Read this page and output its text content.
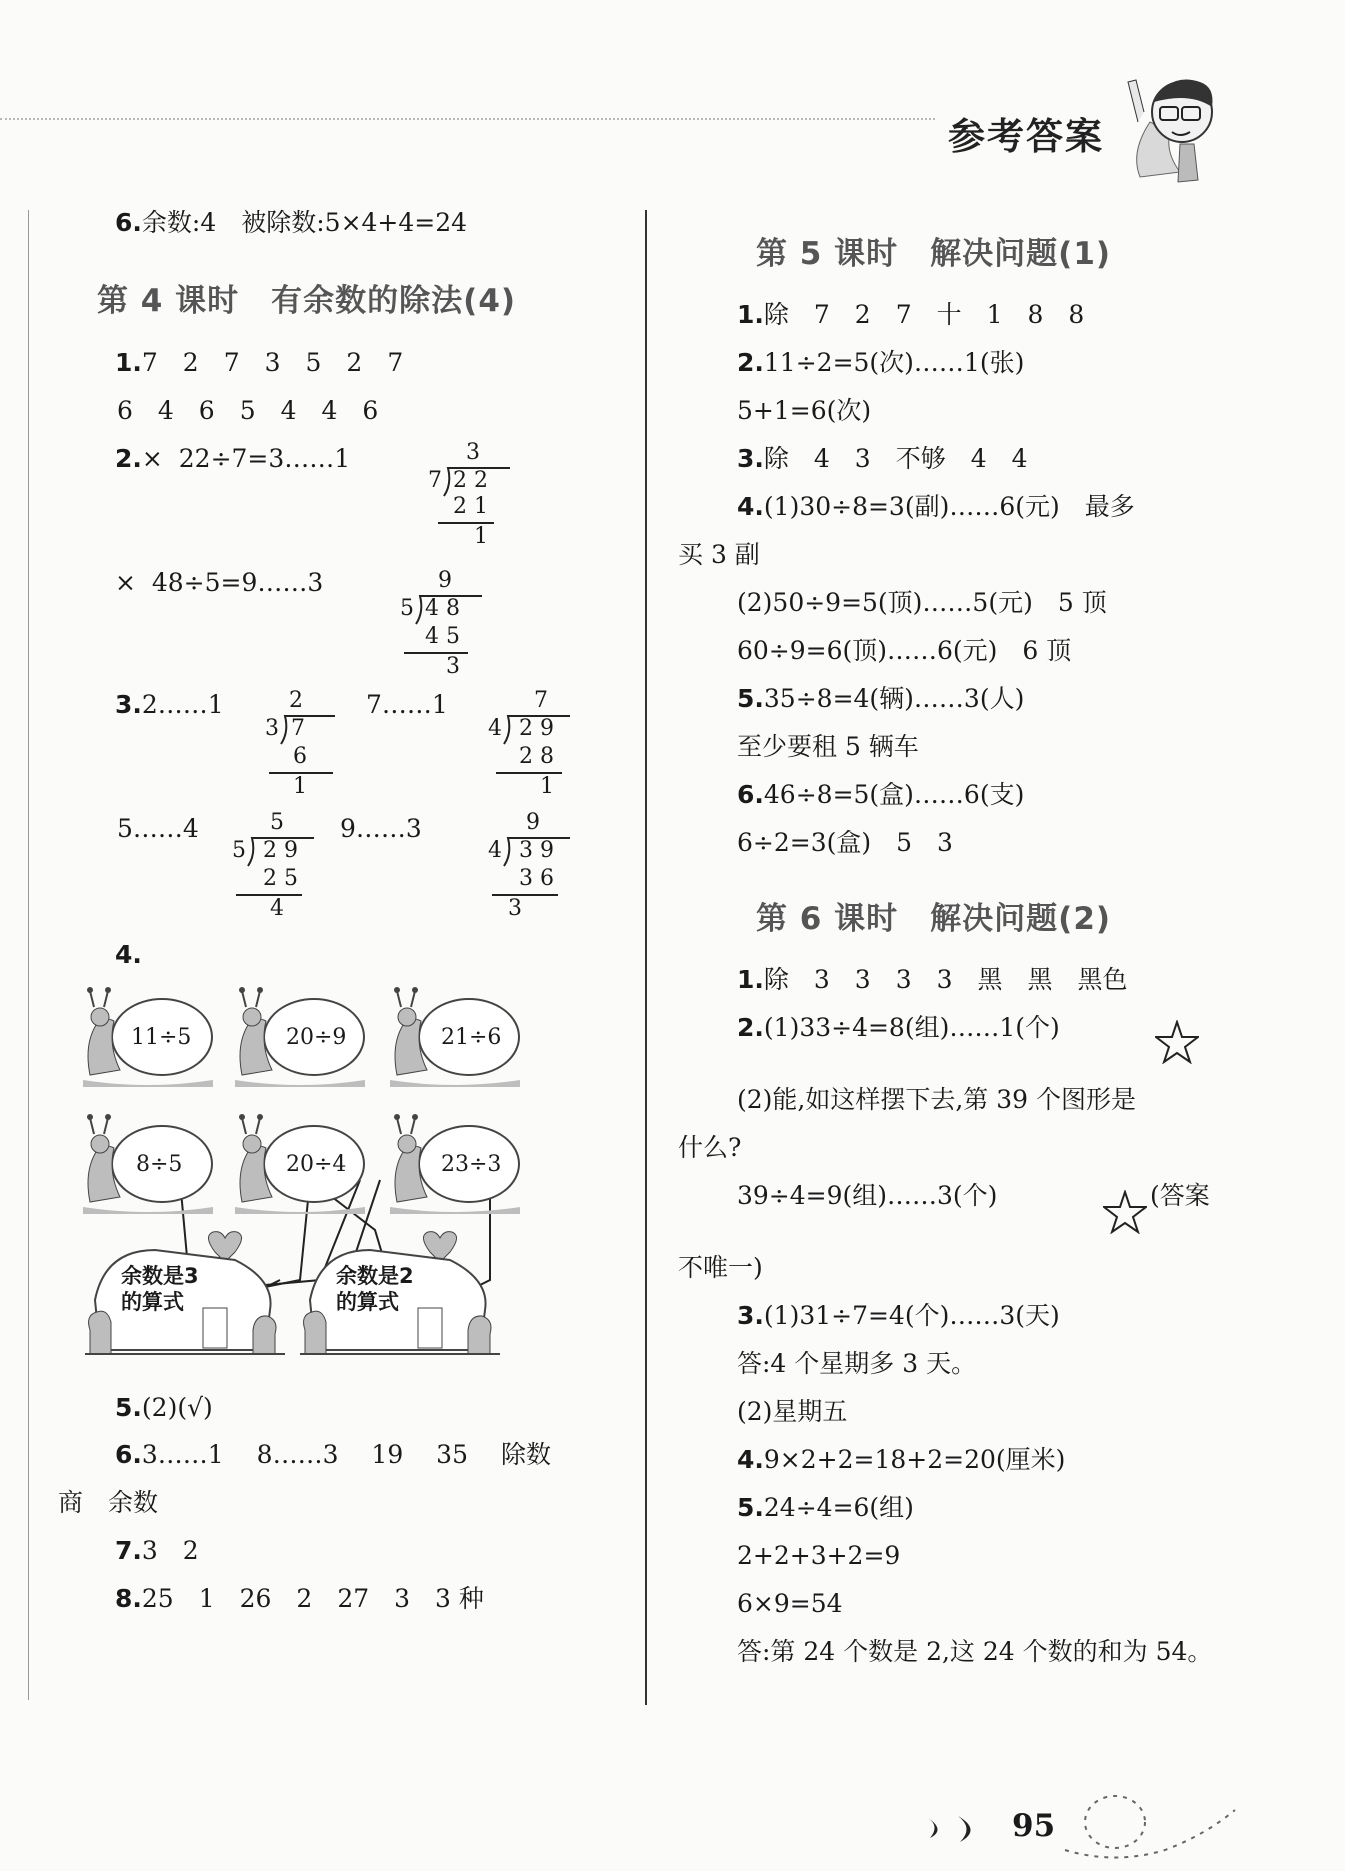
参考答案
6.余数:4　被除数:5×4+4=24
第 4 课时　有余数的除法(4)
1.7　2　7　3　5　2　7
6　4　6　5　4　4　6
2.× 22÷7=3……1	3
7 2 2
2 1
1
× 48÷5=9……3	9
5 4 8
4 5
3
3.2……1	2
3 7
6
1
7……1	7
4 2 9
2 8
1
5……4	5
5 2 9
2 5
4
9……3	9
4 3 9
3 6
3
4.
11÷5	20÷9	21÷6
8÷5	20÷4	23÷3
余数是3
的算式
余数是2
的算式
5.(2)(√)
6.3……1　 8……3　 19　 35　 除数
商　余数
7.3　2
8.25　1　26　2　27　3　3 种
第 5 课时　解决问题(1)
1.除　7　2　7　十　1　8　8
2.11÷2=5(次)……1(张)
5+1=6(次)
3.除　4　3　不够　4　4
4.(1)30÷8=3(副)……6(元)　最多
买 3 副
(2)50÷9=5(顶)……5(元)　5 顶
60÷9=6(顶)……6(元)　6 顶
5.35÷8=4(辆)……3(人)
至少要租 5 辆车
6.46÷8=5(盒)……6(支)
6÷2=3(盒)　5　3
第 6 课时　解决问题(2)
1.除　3　3　3　3　黑　黑　黑色
2.(1)33÷4=8(组)……1(个)
(2)能,如这样摆下去,第 39 个图形是
什么?
39÷4=9(组)……3(个)	(答案
不唯一)
3.(1)31÷7=4(个)……3(天)
答:4 个星期多 3 天。
(2)星期五
4.9×2+2=18+2=20(厘米)
5.24÷4=6(组)
2+2+3+2=9
6×9=54
答:第 24 个数是 2,这 24 个数的和为 54。
95
